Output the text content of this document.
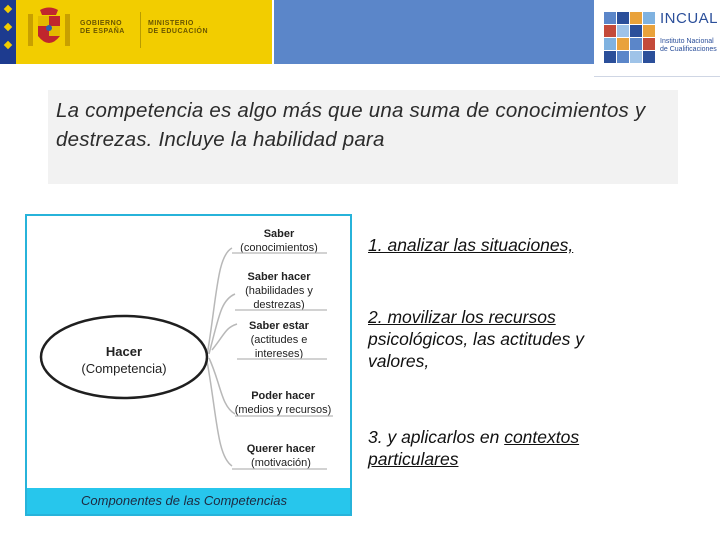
GOBIERNO
DE ESPAÑA
MINISTERIO
DE EDUCACIÓN
INCUAL
Instituto Nacional
de Cualificaciones
La competencia es algo más que una suma de conocimientos y destrezas. Incluye la habilidad para
Hacer
(Competencia)
Saber
(conocimientos)
Saber hacer
(habilidades y
destrezas)
Saber estar
(actitudes e
intereses)
Poder hacer
(medios y recursos)
Querer hacer
(motivación)
Componentes de las Competencias
1. analizar las situaciones,
2. movilizar los recursos
psicológicos, las actitudes y
valores,
3. y aplicarlos en contextos
particulares
